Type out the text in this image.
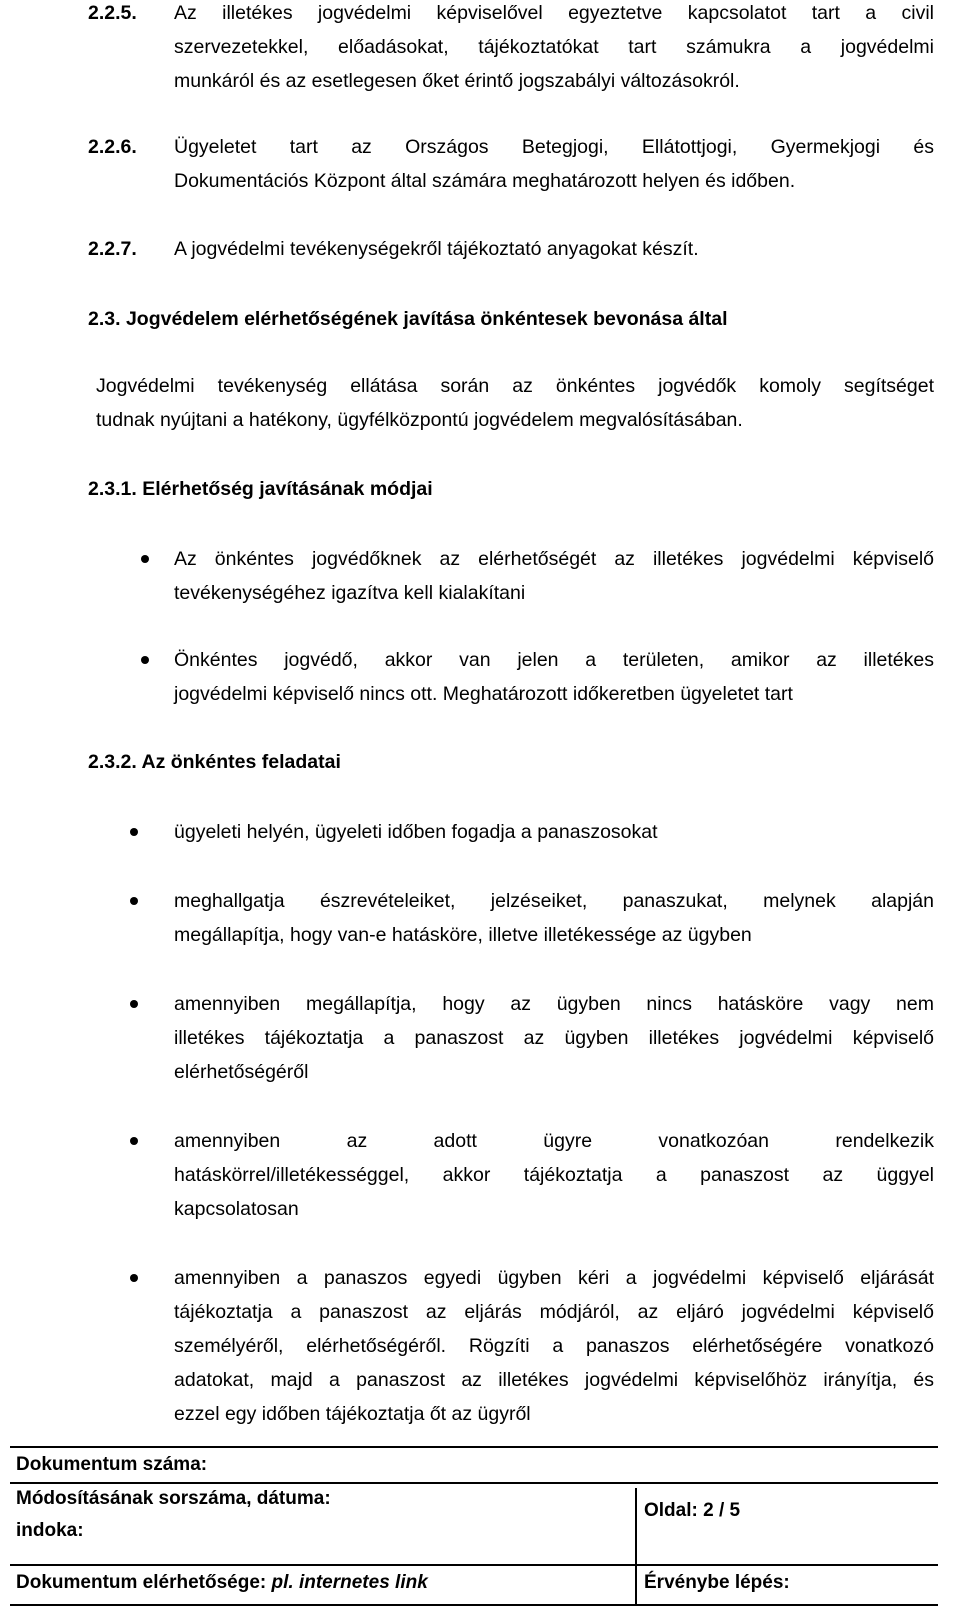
2.2.5. Az illetékes jogvédelmi képviselővel egyeztetve kapcsolatot tart a civil
szervezetekkel, előadásokat, tájékoztatókat tart számukra a jogvédelmi
munkáról és az esetlegesen őket érintő jogszabályi változásokról.
2.2.6. Ügyeletet tart az Országos Betegjogi, Ellátottjogi, Gyermekjogi és
Dokumentációs Központ által számára meghatározott helyen és időben.
2.2.7. A jogvédelmi tevékenységekről tájékoztató anyagokat készít.
2.3. Jogvédelem elérhetőségének javítása önkéntesek bevonása által
Jogvédelmi tevékenység ellátása során az önkéntes jogvédők komoly segítséget
tudnak nyújtani a hatékony, ügyfélközpontú jogvédelem megvalósításában.
2.3.1. Elérhetőség javításának módjai
Az önkéntes jogvédőknek az elérhetőségét az illetékes jogvédelmi képviselő
tevékenységéhez igazítva kell kialakítani
Önkéntes jogvédő, akkor van jelen a területen, amikor az illetékes
jogvédelmi képviselő nincs ott. Meghatározott időkeretben ügyeletet tart
2.3.2. Az önkéntes feladatai
ügyeleti helyén, ügyeleti időben fogadja a panaszosokat
meghallgatja észrevételeiket, jelzéseiket, panaszukat, melynek alapján
megállapítja, hogy van-e hatásköre, illetve illetékessége az ügyben
amennyiben megállapítja, hogy az ügyben nincs hatásköre vagy nem
illetékes tájékoztatja a panaszost az ügyben illetékes jogvédelmi képviselő
elérhetőségéről
amennyiben az adott ügyre vonatkozóan rendelkezik
hatáskörrel/illetékességgel, akkor tájékoztatja a panaszost az üggyel
kapcsolatosan
amennyiben a panaszos egyedi ügyben kéri a jogvédelmi képviselő eljárását
tájékoztatja a panaszost az eljárás módjáról, az eljáró jogvédelmi képviselő
személyéről, elérhetőségéről. Rögzíti a panaszos elérhetőségére vonatkozó
adatokat, majd a panaszost az illetékes jogvédelmi képviselőhöz irányítja, és
ezzel egy időben tájékoztatja őt az ügyről
Dokumentum száma:
Módosításának sorszáma, dátuma:
indoka:
Dokumentum elérhetősége: pl. internetes link
Oldal: 2 / 5
Érvénybe lépés:
